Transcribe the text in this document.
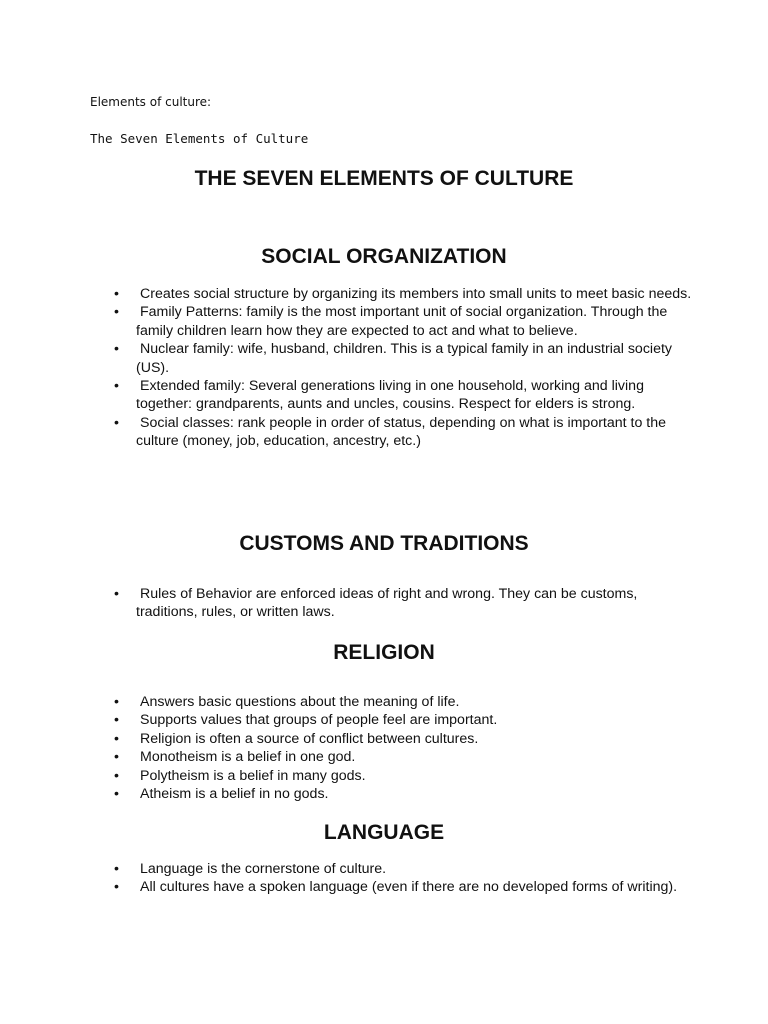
Elements of culture:

The Seven Elements of Culture

THE SEVEN ELEMENTS OF CULTURE
SOCIAL ORGANIZATION
• Creates social structure by organizing its members into small units to meet basic needs.
• Family Patterns: family is the most important unit of social organization. Through the family children learn how they are expected to act and what to believe.
• Nuclear family: wife, husband, children. This is a typical family in an industrial society (US).
• Extended family: Several generations living in one household, working and living together: grandparents, aunts and uncles, cousins. Respect for elders is strong.
• Social classes: rank people in order of status, depending on what is important to the culture (money, job, education, ancestry, etc.)
CUSTOMS AND TRADITIONS
• Rules of Behavior are enforced ideas of right and wrong. They can be customs, traditions, rules, or written laws.
RELIGION
• Answers basic questions about the meaning of life.
• Supports values that groups of people feel are important.
• Religion is often a source of conflict between cultures.
• Monotheism is a belief in one god.
• Polytheism is a belief in many gods.
• Atheism is a belief in no gods.
LANGUAGE
• Language is the cornerstone of culture.
• All cultures have a spoken language (even if there are no developed forms of writing).
